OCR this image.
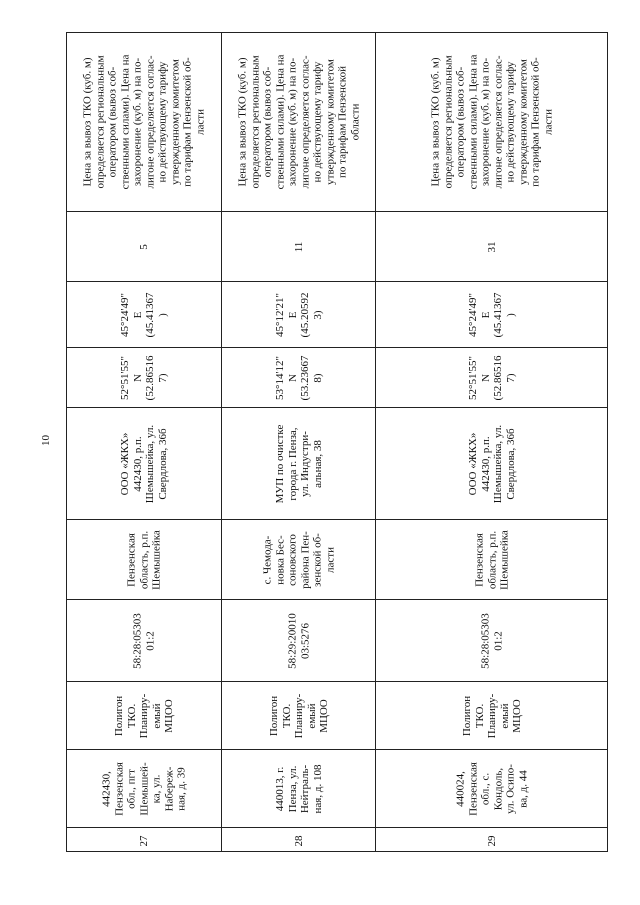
10
Цена за вывоз ТКО (куб. м)
определяется региональным
оператором (вывоз соб-
ственными силами). Цена на
захоронение (куб. м) на по-
лигоне определяется соглас-
но действующему тарифу
утвержденному комитетом
по тарифам Пензенской об-
ласти
5
45°24'49"
E
(45.41367
)
52°51'55"
N
(52.86516
7)
ООО «ЖКХ»
442430, р.п.
Шемышейка, ул.
Свердлова, 36б
Пензенская
область, р.п.
Шемышейка
58:28:05303
01:2
Полигон
ТКО.
Планиру-
емый
МЦОО
442430,
Пензенская
обл., пгт
Шемышей-
ка, ул.
Набереж-
ная, д. 39
27
Цена за вывоз ТКО (куб. м)
определяется региональным
оператором (вывоз соб-
ственными силами). Цена на
захоронение (куб. м) на по-
лигоне определяется соглас-
но действующему тарифу
утвержденному комитетом
по тарифам Пензенской
области
11
45°12'21"
E
(45.20592
3)
53°14'12"
N
(53.23667
8)
МУП по очистке
города г. Пенза,
ул. Индустри-
альная, 38
с. Чемода-
новка Бес-
соновского
района Пен-
зенской об-
ласти
58:29:20010
03:5276
Полигон
ТКО.
Планиру-
емый
МЦОО
440013, г.
Пенза, ул.
Нейтраль-
ная, д. 108
28
Цена за вывоз ТКО (куб. м)
определяется региональным
оператором (вывоз соб-
ственными силами). Цена на
захоронение (куб. м) на по-
лигоне определяется соглас-
но действующему тарифу
утвержденному комитетом
по тарифам Пензенской об-
ласти
31
45°24'49"
E
(45.41367
)
52°51'55"
N
(52.86516
7)
ООО «ЖКХ»
442430, р.п.
Шемышейка, ул.
Свердлова, 36б
Пензенская
область, р.п.
Шемышейка
58:28:05303
01:2
Полигон
ТКО.
Планиру-
емый
МЦОО
440024,
Пензенская
обл., с.
Кондоль,
ул. Осипо-
ва, д. 44
29
